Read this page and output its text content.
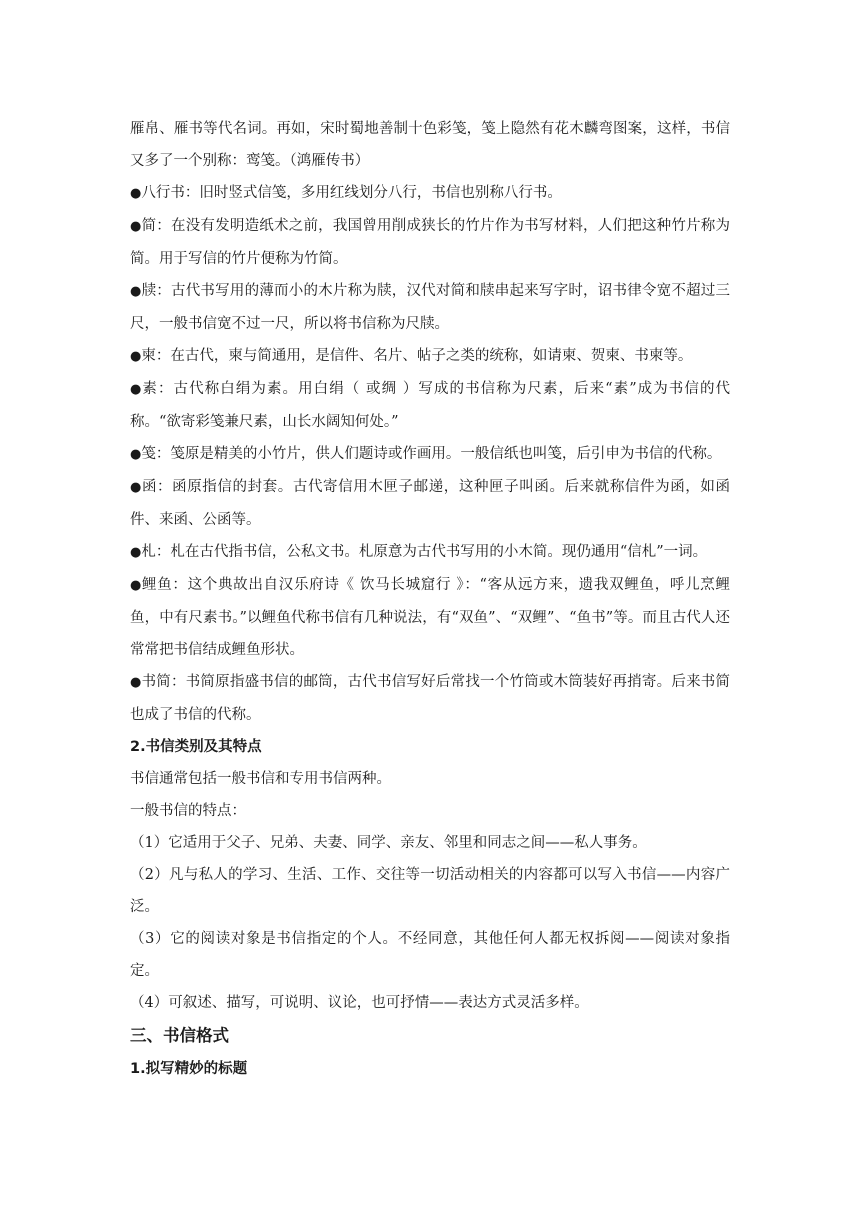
雁帛、雁书等代名词。再如，宋时蜀地善制十色彩笺，笺上隐然有花木麟弯图案，这样，书信又多了一个别称：鸾笺。（鸿雁传书）

●八行书：旧时竖式信笺，多用红线划分八行，书信也别称八行书。

●简：在没有发明造纸术之前，我国曾用削成狭长的竹片作为书写材料，人们把这种竹片称为简。用于写信的竹片便称为竹简。

●牍：古代书写用的薄而小的木片称为牍，汉代对简和牍串起来写字时，诏书律令宽不超过三尺，一般书信宽不过一尺，所以将书信称为尺牍。

●柬：在古代，柬与简通用，是信件、名片、帖子之类的统称，如请柬、贺柬、书柬等。

●素：古代称白绢为素。用白绢（ 或绸 ）写成的书信称为尺素，后来“素”成为书信的代称。“欲寄彩笺兼尺素，山长水阔知何处。”

●笺：笺原是精美的小竹片，供人们题诗或作画用。一般信纸也叫笺，后引申为书信的代称。

●函：函原指信的封套。古代寄信用木匣子邮递，这种匣子叫函。后来就称信件为函，如函件、来函、公函等。

●札：札在古代指书信，公私文书。札原意为古代书写用的小木简。现仍通用“信札”一词。

●鲤鱼：这个典故出自汉乐府诗《 饮马长城窟行 》：“客从远方来，遗我双鲤鱼，呼儿烹鲤鱼，中有尺素书。”以鲤鱼代称书信有几种说法，有“双鱼”、“双鲤”、“鱼书”等。而且古代人还常常把书信结成鲤鱼形状。

●书简：书简原指盛书信的邮筒，古代书信写好后常找一个竹筒或木筒装好再捎寄。后来书简也成了书信的代称。

2.书信类别及其特点

书信通常包括一般书信和专用书信两种。

一般书信的特点：

（1）它适用于父子、兄弟、夫妻、同学、亲友、邻里和同志之间——私人事务。

（2）凡与私人的学习、生活、工作、交往等一切活动相关的内容都可以写入书信——内容广泛。

（3）它的阅读对象是书信指定的个人。不经同意，其他任何人都无权拆阅——阅读对象指定。

（4）可叙述、描写，可说明、议论，也可抒情——表达方式灵活多样。

三、书信格式

1.拟写精妙的标题
